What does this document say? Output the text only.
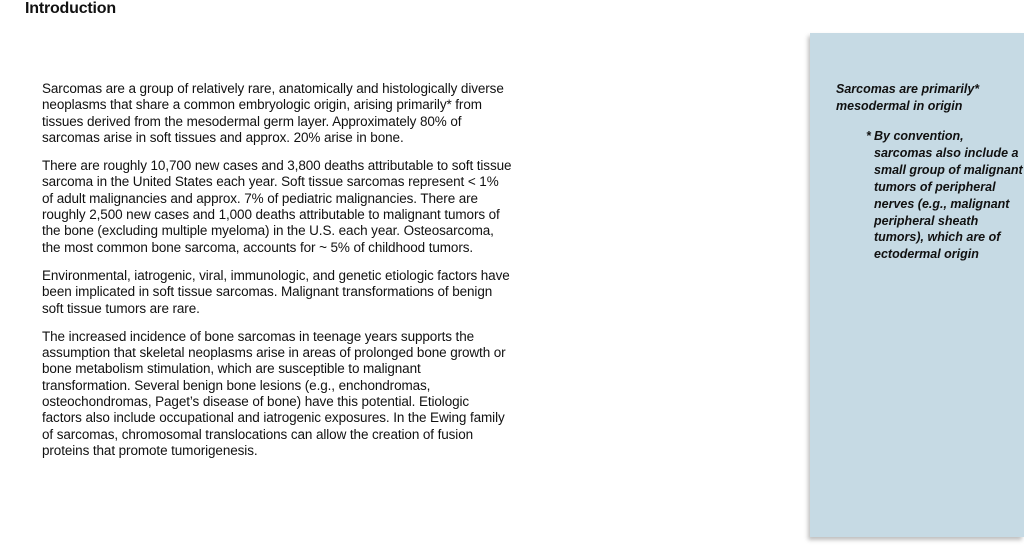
Introduction

Sarcomas are a group of relatively rare, anatomically and histologically diverse neoplasms that share a common embryologic origin, arising primarily* from tissues derived from the mesodermal germ layer. Approximately 80% of sarcomas arise in soft tissues and approx. 20% arise in bone.

There are roughly 10,700 new cases and 3,800 deaths attributable to soft tissue sarcoma in the United States each year. Soft tissue sarcomas represent < 1% of adult malignancies and approx. 7% of pediatric malignancies. There are roughly 2,500 new cases and 1,000 deaths attributable to malignant tumors of the bone (excluding multiple myeloma) in the U.S. each year. Osteosarcoma, the most common bone sarcoma, accounts for ~ 5% of childhood tumors.

Environmental, iatrogenic, viral, immunologic, and genetic etiologic factors have been implicated in soft tissue sarcomas. Malignant transformations of benign soft tissue tumors are rare.

The increased incidence of bone sarcomas in teenage years supports the assumption that skeletal neoplasms arise in areas of prolonged bone growth or bone metabolism stimulation, which are susceptible to malignant transformation. Several benign bone lesions (e.g., enchondromas, osteochondromas, Paget’s disease of bone) have this potential. Etiologic factors also include occupational and iatrogenic exposures. In the Ewing family of sarcomas, chromosomal translocations can allow the creation of fusion proteins that promote tumorigenesis.

Sarcomas are primarily* mesodermal in origin

* By convention, sarcomas also include a small group of malignant tumors of peripheral nerves (e.g., malignant peripheral sheath tumors), which are of ectodermal origin
